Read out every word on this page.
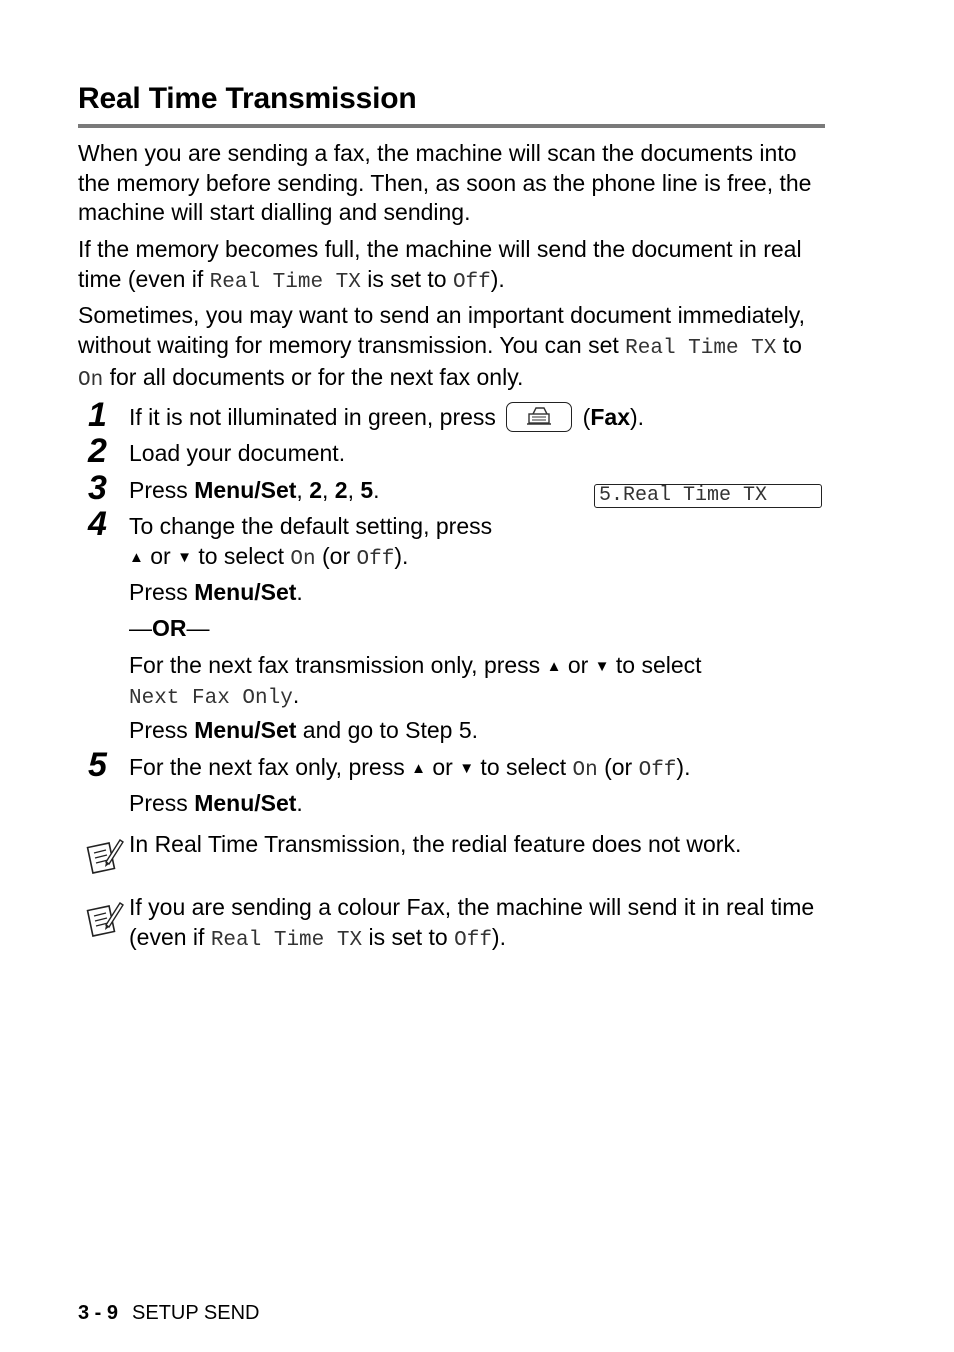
Real Time Transmission

When you are sending a fax, the machine will scan the documents into the memory before sending. Then, as soon as the phone line is free, the machine will start dialling and sending.

If the memory becomes full, the machine will send the document in real time (even if Real Time TX is set to Off).

Sometimes, you may want to send an important document immediately, without waiting for memory transmission. You can set Real Time TX to On for all documents or for the next fax only.

1 If it is not illuminated in green, press	(Fax).
2 Load your document.
3 Press Menu/Set, 2, 2, 5.	5.Real Time TX
4 To change the default setting, press
▲ or ▼ to select On (or Off).
Press Menu/Set.
—OR—
For the next fax transmission only, press ▲ or ▼ to select
Next Fax Only.
Press Menu/Set and go to Step 5.
5 For the next fax only, press ▲ or ▼ to select On (or Off).
Press Menu/Set.

In Real Time Transmission, the redial feature does not work.

If you are sending a colour Fax, the machine will send it in real time (even if Real Time TX is set to Off).

3 - 9 SETUP SEND
